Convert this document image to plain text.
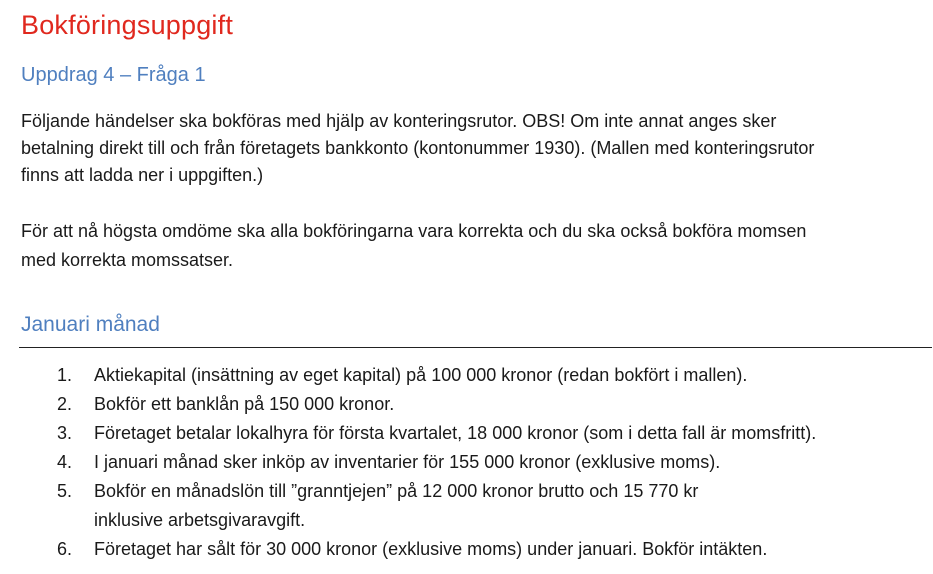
Bokföringsuppgift
Uppdrag 4 – Fråga 1
Följande händelser ska bokföras med hjälp av konteringsrutor. OBS! Om inte annat anges sker
betalning direkt till och från företagets bankkonto (kontonummer 1930). (Mallen med konteringsrutor
finns att ladda ner i uppgiften.)
För att nå högsta omdöme ska alla bokföringarna vara korrekta och du ska också bokföra momsen
med korrekta momssatser.
Januari månad
1. Aktiekapital (insättning av eget kapital) på 100 000 kronor (redan bokfört i mallen).
2. Bokför ett banklån på 150 000 kronor.
3. Företaget betalar lokalhyra för första kvartalet, 18 000 kronor (som i detta fall är momsfritt).
4. I januari månad sker inköp av inventarier för 155 000 kronor (exklusive moms).
5. Bokför en månadslön till ”granntjejen” på 12 000 kronor brutto och 15 770 kr
inklusive arbetsgivaravgift.
6. Företaget har sålt för 30 000 kronor (exklusive moms) under januari. Bokför intäkten.
